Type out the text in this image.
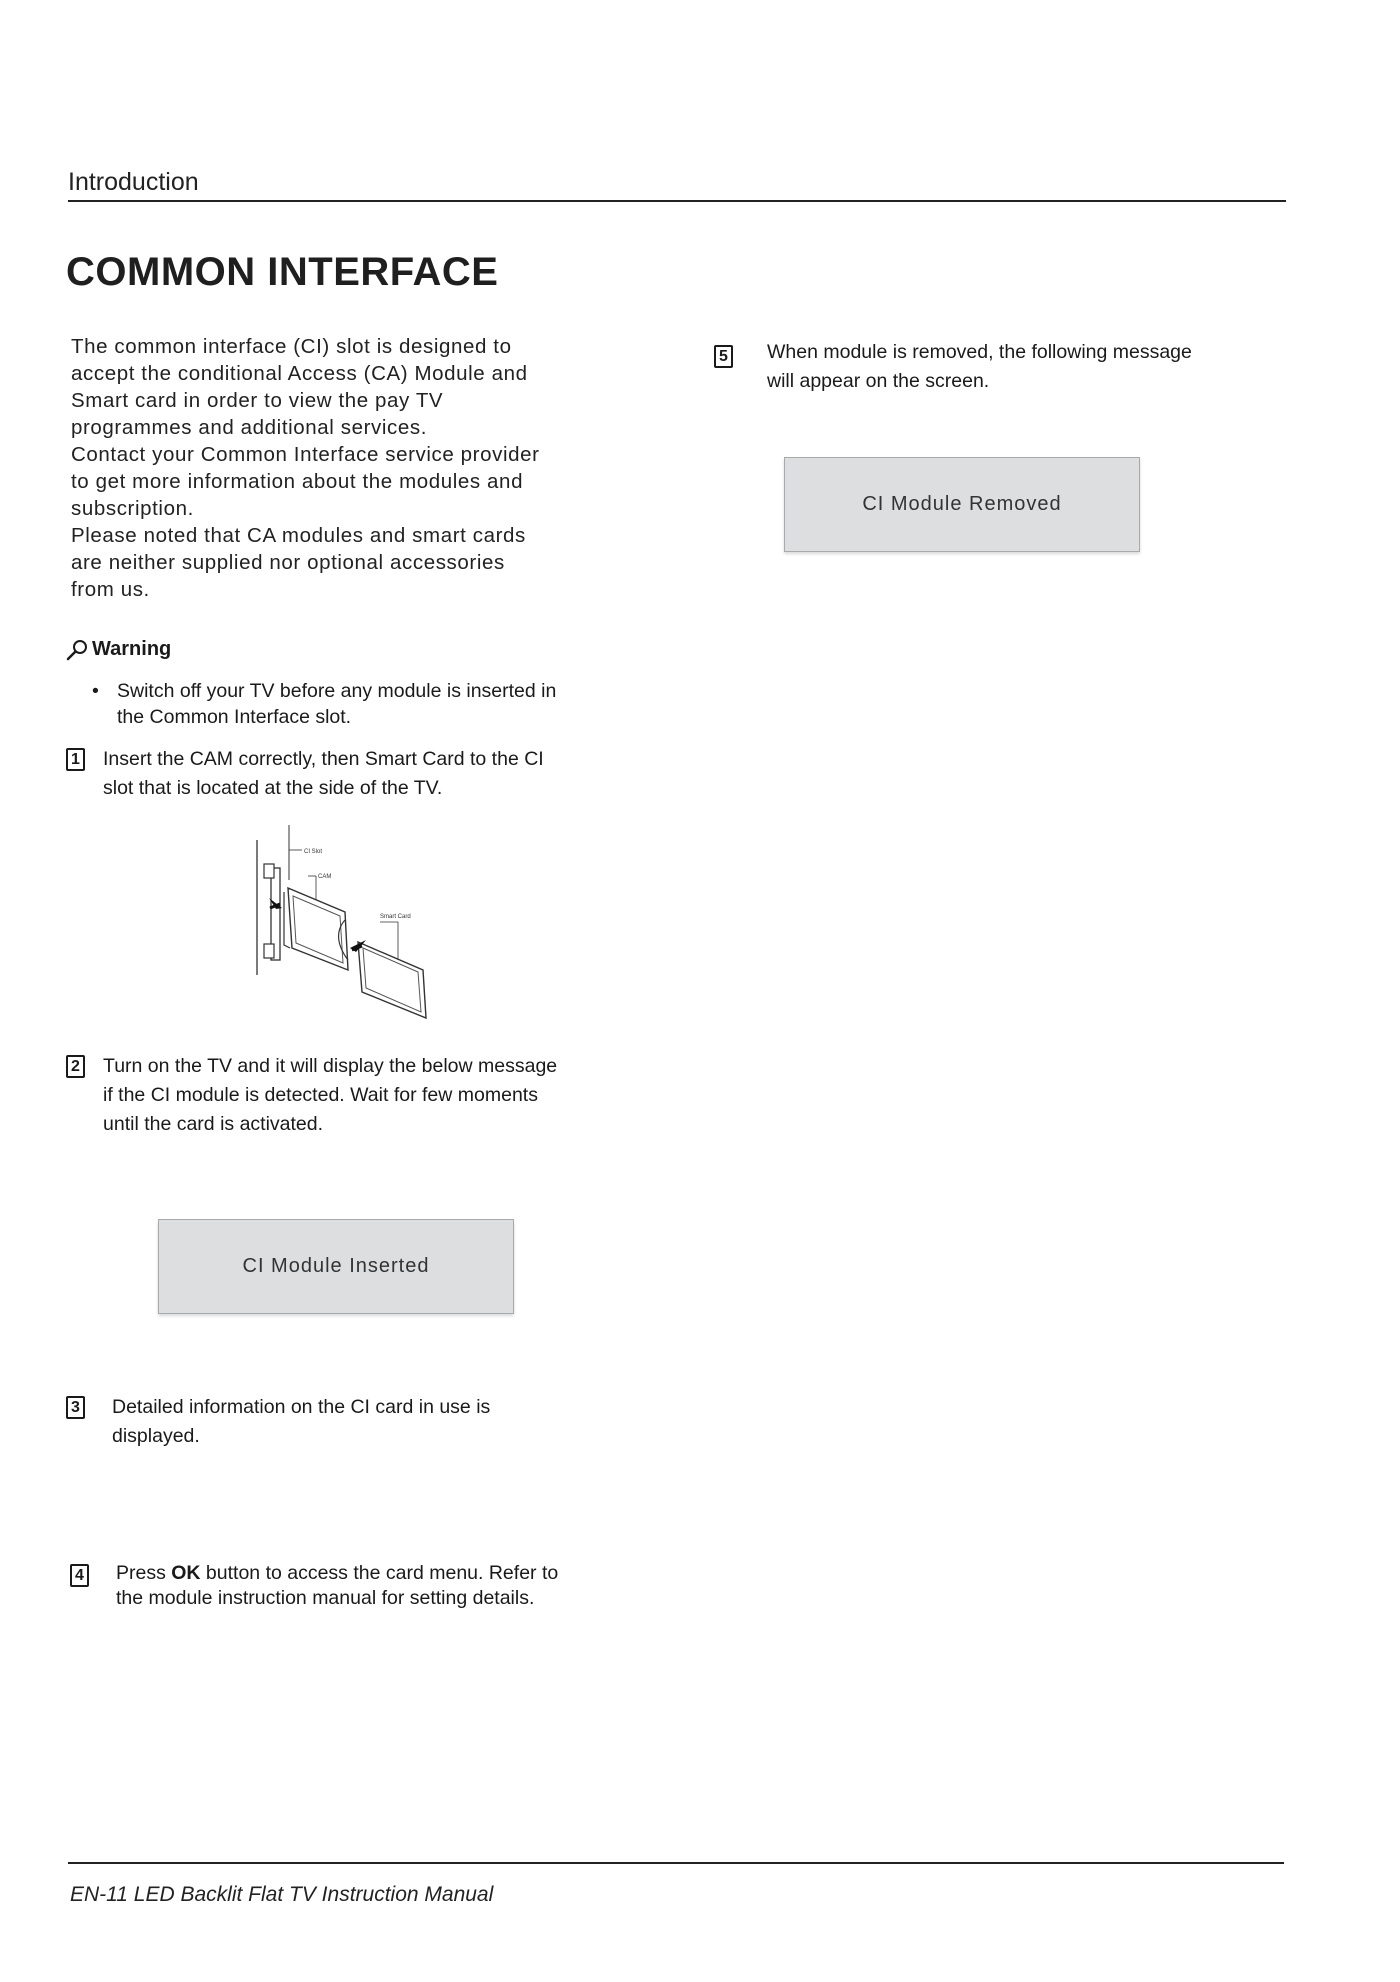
Introduction
COMMON INTERFACE

The common interface (CI) slot is designed to

accept the conditional Access (CA) Module and

Smart card in order to view the pay TV

programmes and additional services.

Contact your Common Interface service provider

to get more information about the modules and

subscription.

Please noted that CA modules and smart cards

are neither supplied nor optional accessories

from us.

Warning
• Switch off your TV before any module is inserted in
the Common Interface slot.
1 Insert the CAM correctly, then Smart Card to the CI
slot that is located at the side of the TV.
CI Slot
CAM
Smart Card
2 Turn on the TV and it will display the below message
if the CI module is detected. Wait for few moments
until the card is activated.
CI Module Inserted
3 Detailed information on the CI card in use is
displayed.
4 Press OK button to access the card menu. Refer to
the module instruction manual for setting details.
5 When module is removed, the following message
will appear on the screen.
CI Module Removed
EN-11 LED Backlit Flat TV Instruction Manual
